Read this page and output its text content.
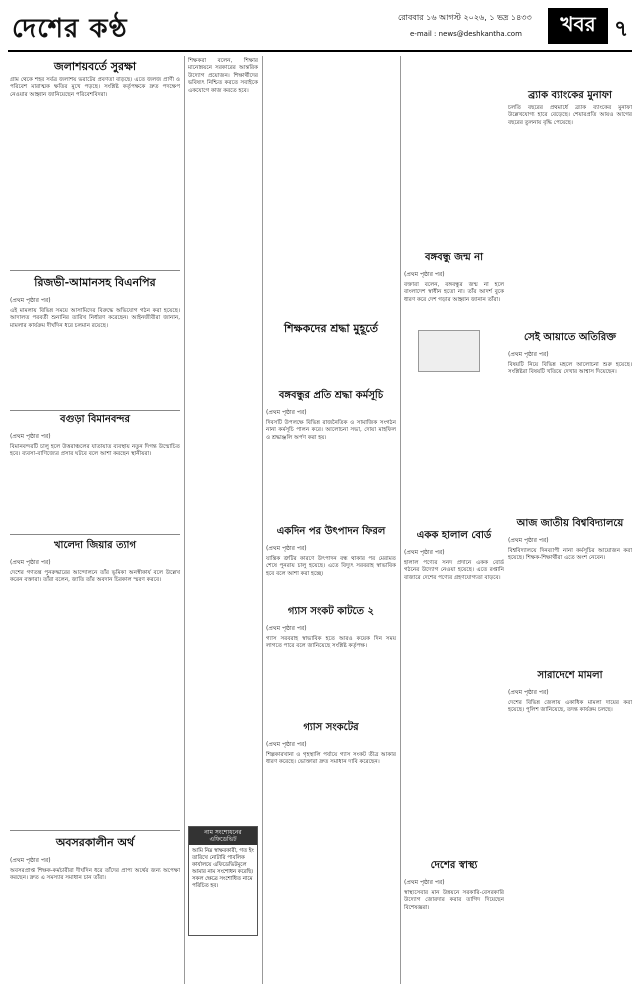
দেশের কণ্ঠ	রোববার ১৬ আগস্ট ২০২৬, ১ ভদ্র ১৪৩৩
e-mail : news@deshkantha.com	খবর ৭
জলাশয়বর্তে সুরক্ষা
গ্রাম থেকে শহর সর্বত্র জলাশয় ভরাটের প্রবণতা বাড়ছে। এতে জলজ প্রাণী ও পরিবেশ মারাত্মক ক্ষতির মুখে পড়ছে। সংশ্লিষ্ট কর্তৃপক্ষকে দ্রুত পদক্ষেপ নেওয়ার আহ্বান জানিয়েছেন পরিবেশবিদরা।
রিজভী-আমানসহ বিএনপির
(প্রথম পৃষ্ঠার পর)
এই মামলায় বিভিন্ন সময়ে আসামিদের বিরুদ্ধে অভিযোগ গঠন করা হয়েছে। আদালত পরবর্তী শুনানির তারিখ নির্ধারণ করেছেন। আইনজীবীরা জানান, মামলার কার্যক্রম দীর্ঘদিন ধরে চলমান রয়েছে।
বগুড়া বিমানবন্দর
(প্রথম পৃষ্ঠার পর)
বিমানবন্দরটি চালু হলে উত্তরাঞ্চলের যাতায়াত ব্যবস্থায় নতুন দিগন্ত উন্মোচিত হবে। ব্যবসা-বাণিজ্যের প্রসার ঘটবে বলে আশা করছেন স্থানীয়রা।
খালেদা জিয়ার ত্যাগ
(প্রথম পৃষ্ঠার পর)
দেশের গণতন্ত্র পুনরুদ্ধারের আন্দোলনে তাঁর ভূমিকা অনস্বীকার্য বলে উল্লেখ করেন বক্তারা। তাঁরা বলেন, জাতি তাঁর অবদান চিরকাল স্মরণ করবে।
অবসরকালীন অর্থ
(প্রথম পৃষ্ঠার পর)
অবসরপ্রাপ্ত শিক্ষক-কর্মচারীরা দীর্ঘদিন ধরে তাঁদের প্রাপ্য অর্থের জন্য অপেক্ষা করছেন। দ্রুত এ সমস্যার সমাধান চান তাঁরা।
শিক্ষকরা বলেন, শিক্ষার মানোন্নয়নে সরকারের আন্তরিক উদ্যোগ প্রয়োজন। শিক্ষার্থীদের ভবিষ্যৎ নিশ্চিত করতে সবাইকে একযোগে কাজ করতে হবে।
নাম সংশোধনের এফিডেভিট
আমি নিম্ন স্বাক্ষরকারী, গত ইং তারিখে নোটারি পাবলিক কার্যালয়ে এফিডেভিটমূলে আমার নাম সংশোধন করেছি। সকল ক্ষেত্রে সংশোধিত নামে পরিচিত হব।
শিক্ষকদের শ্রদ্ধা মুহূর্তে
বঙ্গবন্ধুর প্রতি শ্রদ্ধা কর্মসূচি
(প্রথম পৃষ্ঠার পর)
দিবসটি উপলক্ষে বিভিন্ন রাজনৈতিক ও সামাজিক সংগঠন নানা কর্মসূচি পালন করে। আলোচনা সভা, দোয়া মাহফিল ও শ্রদ্ধাঞ্জলি অর্পণ করা হয়।
একদিন পর উৎপাদন ফিরল
(প্রথম পৃষ্ঠার পর)
যান্ত্রিক ত্রুটির কারণে উৎপাদন বন্ধ থাকার পর মেরামত শেষে পুনরায় চালু হয়েছে। এতে বিদ্যুৎ সরবরাহ স্বাভাবিক হবে বলে আশা করা হচ্ছে।
গ্যাস সংকট কাটতে ২
(প্রথম পৃষ্ঠার পর)
গ্যাস সরবরাহ স্বাভাবিক হতে আরও কয়েক দিন সময় লাগতে পারে বলে জানিয়েছে সংশ্লিষ্ট কর্তৃপক্ষ।
গ্যাস সংকটের
(প্রথম পৃষ্ঠার পর)
শিল্পকারখানা ও গৃহস্থালি পর্যায়ে গ্যাস সংকট তীব্র আকার ধারণ করেছে। ভোক্তারা দ্রুত সমাধান দাবি করেছেন।
বঙ্গবন্ধু জন্ম না
(প্রথম পৃষ্ঠার পর)
বক্তারা বলেন, বঙ্গবন্ধুর জন্ম না হলে বাংলাদেশ স্বাধীন হতো না। তাঁর আদর্শ বুকে ধারণ করে দেশ গড়ার আহ্বান জানান তাঁরা।
একক হালাল বোর্ড
(প্রথম পৃষ্ঠার পর)
হালাল পণ্যের সনদ প্রদানে একক বোর্ড গঠনের উদ্যোগ নেওয়া হয়েছে। এতে রপ্তানি বাজারে দেশের পণ্যের গ্রহণযোগ্যতা বাড়বে।
দেশের স্বাস্থ্য
(প্রথম পৃষ্ঠার পর)
স্বাস্থ্যসেবার মান উন্নয়নে সরকারি-বেসরকারি উদ্যোগ জোরদার করার তাগিদ দিয়েছেন বিশেষজ্ঞরা।
ব্র্যাক ব্যাংকের মুনাফা
চলতি বছরের প্রথমার্ধে ব্র্যাক ব্যাংকের মুনাফা উল্লেখযোগ্য হারে বেড়েছে। শেয়ারপ্রতি আয়ও আগের বছরের তুলনায় বৃদ্ধি পেয়েছে।
সেই আয়াতে অতিরিক্ত
(প্রথম পৃষ্ঠার পর)
বিষয়টি নিয়ে বিভিন্ন মহলে আলোচনা শুরু হয়েছে। সংশ্লিষ্টরা বিষয়টি খতিয়ে দেখার আশ্বাস দিয়েছেন।
আজ জাতীয় বিশ্ববিদ্যালয়ে
(প্রথম পৃষ্ঠার পর)
বিশ্ববিদ্যালয়ে দিনব্যাপী নানা কর্মসূচির আয়োজন করা হয়েছে। শিক্ষক-শিক্ষার্থীরা এতে অংশ নেবেন।
সারাদেশে মামলা
(প্রথম পৃষ্ঠার পর)
দেশের বিভিন্ন জেলায় একাধিক মামলা দায়ের করা হয়েছে। পুলিশ জানিয়েছে, তদন্ত কার্যক্রম চলছে।
